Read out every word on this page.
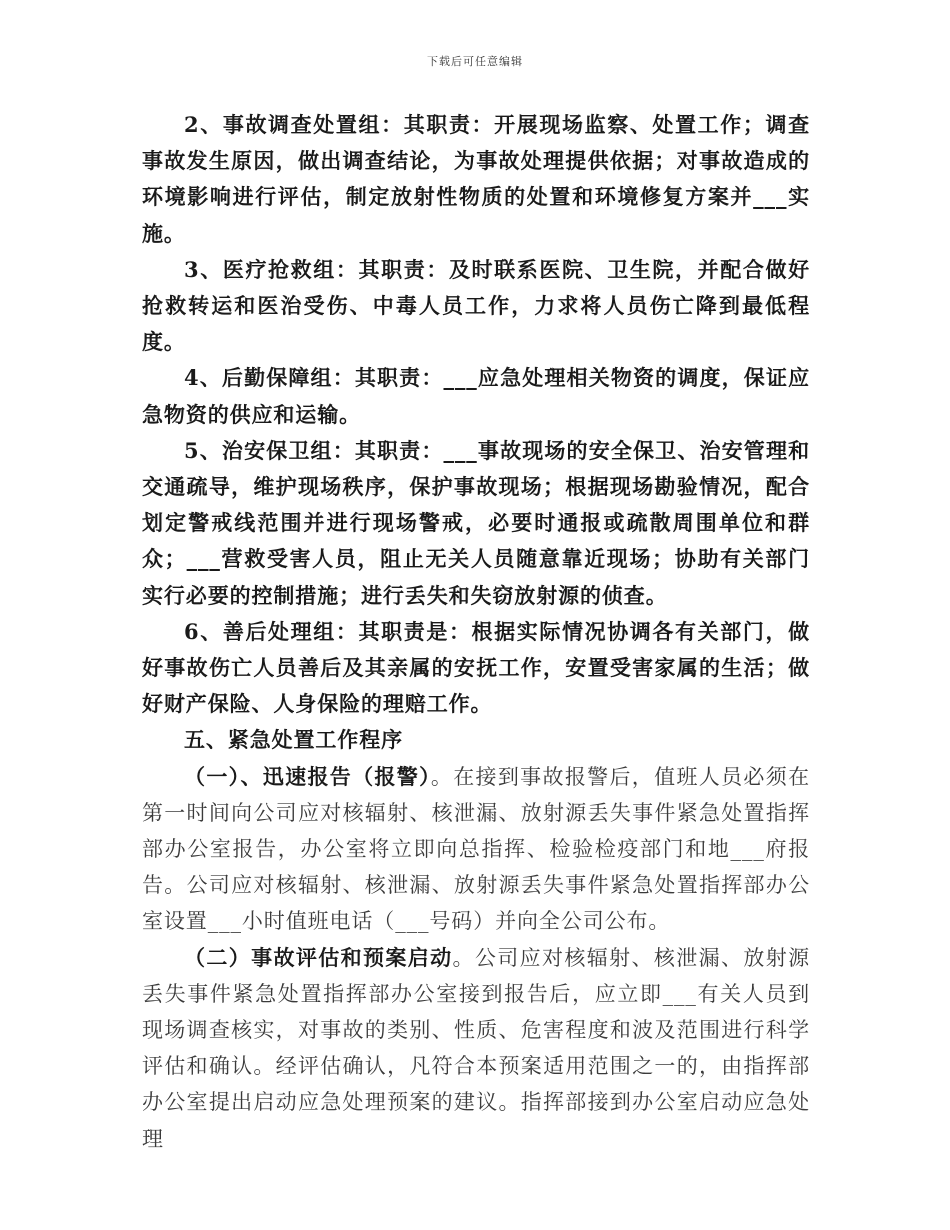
下载后可任意编辑

2、事故调查处置组：其职责：开展现场监察、处置工作；调查事故发生原因，做出调查结论，为事故处理提供依据；对事故造成的环境影响进行评估，制定放射性物质的处置和环境修复方案并___实施。

3、医疗抢救组：其职责：及时联系医院、卫生院，并配合做好抢救转运和医治受伤、中毒人员工作，力求将人员伤亡降到最低程度。

4、后勤保障组：其职责：___应急处理相关物资的调度，保证应急物资的供应和运输。

5、治安保卫组：其职责：___事故现场的安全保卫、治安管理和交通疏导，维护现场秩序，保护事故现场；根据现场勘验情况，配合划定警戒线范围并进行现场警戒，必要时通报或疏散周围单位和群众；___营救受害人员，阻止无关人员随意靠近现场；协助有关部门实行必要的控制措施；进行丢失和失窃放射源的侦查。

6、善后处理组：其职责是：根据实际情况协调各有关部门，做好事故伤亡人员善后及其亲属的安抚工作，安置受害家属的生活；做好财产保险、人身保险的理赔工作。

五、紧急处置工作程序

（一）、迅速报告（报警）。在接到事故报警后，值班人员必须在第一时间向公司应对核辐射、核泄漏、放射源丢失事件紧急处置指挥部办公室报告，办公室将立即向总指挥、检验检疫部门和地___府报告。公司应对核辐射、核泄漏、放射源丢失事件紧急处置指挥部办公室设置___小时值班电话（___号码）并向全公司公布。

（二）事故评估和预案启动。公司应对核辐射、核泄漏、放射源丢失事件紧急处置指挥部办公室接到报告后，应立即___有关人员到现场调查核实，对事故的类别、性质、危害程度和波及范围进行科学评估和确认。经评估确认，凡符合本预案适用范围之一的，由指挥部办公室提出启动应急处理预案的建议。指挥部接到办公室启动应急处理
